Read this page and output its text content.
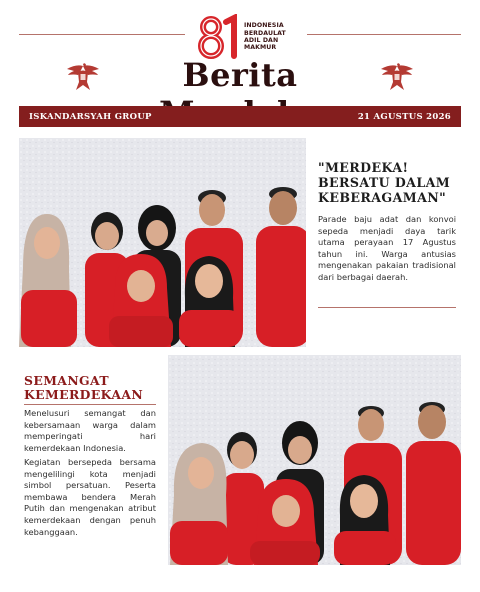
INDONESIA
BERDAULAT
ADIL DAN
MAKMUR
Berita
ISKANDARSYAH GROUP	21 AGUSTUS 2026
"MERDEKA! BERSATU DALAM KEBERAGAMAN"
Parade baju adat dan konvoi sepeda menjadi daya tarik utama perayaan 17 Agustus tahun ini. Warga antusias mengenakan pakaian tradisional dari berbagai daerah.
SEMANGAT KEMERDEKAAN
Menelusuri semangat dan kebersamaan warga dalam memperingati hari kemerdekaan Indonesia.
Kegiatan bersepeda bersama mengelilingi kota menjadi simbol persatuan. Peserta membawa bendera Merah Putih dan mengenakan atribut kemerdekaan dengan penuh kebanggaan.
